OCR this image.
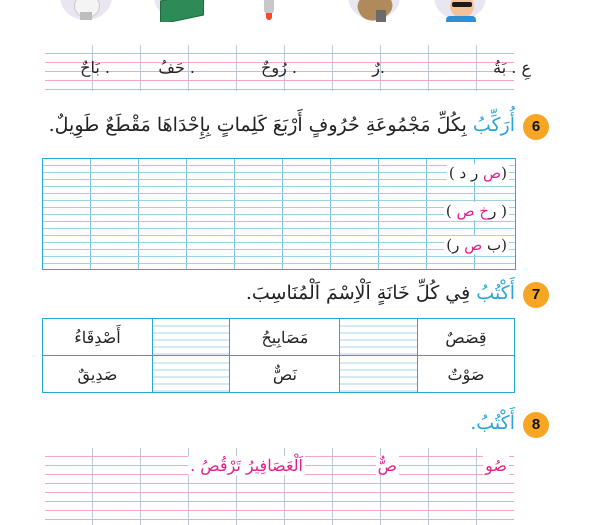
عِ . بَةُ
.رٌ
. رُوحٌ
. حَفُ
. بَاحٌ
6
أُرَكِّبُ بِكُلِّ مَجْمُوعَةِ حُرُوفٍ أَرْبَعَ كَلِماتٍ بِإِحْدَاهَا مَقْطَعٌ طَوِيلٌ.
(ص ر د )
( رخ ص )
(ب ص ر)
7
أَكْتُبُ فِي كُلِّ خَانَةٍ اَلْاِسْمَ اَلْمُنَاسِبَ.
أَصْدِقَاءُ		مَصَابِيحُ		قِصَصٌ
صَدِيقٌ		نَصٌّ		صَوْتٌ
8
أَكْتُبُ.
صُو
صٌّ
اَلْعَصَافِيرُ تَرْقُصُ .
